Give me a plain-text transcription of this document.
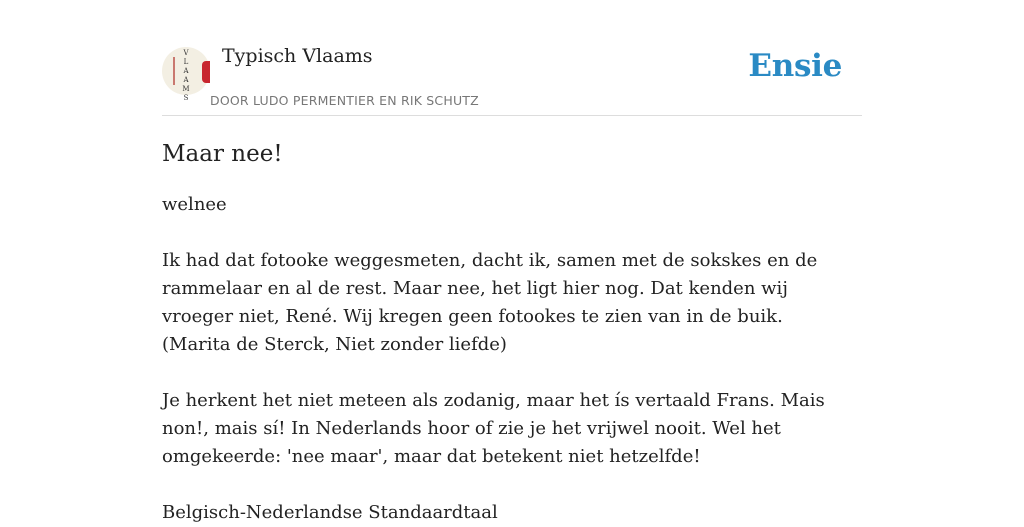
V
L
A
A
M
S
Typisch Vlaams
DOOR LUDO PERMENTIER EN RIK SCHUTZ
Ensie
Maar nee!

welnee

Ik had dat fotooke weggesmeten, dacht ik, samen met de sokskes en de rammelaar en al de rest. Maar nee, het ligt hier nog. Dat kenden wij vroeger niet, René. Wij kregen geen fotookes te zien van in de buik.

(Marita de Sterck, Niet zonder liefde)

Je herkent het niet meteen als zodanig, maar het ís vertaald Frans. Mais non!, mais sí! In Nederlands hoor of zie je het vrijwel nooit. Wel het omgekeerde: 'nee maar', maar dat betekent niet hetzelfde!

Belgisch-Nederlandse Standaardtaal
